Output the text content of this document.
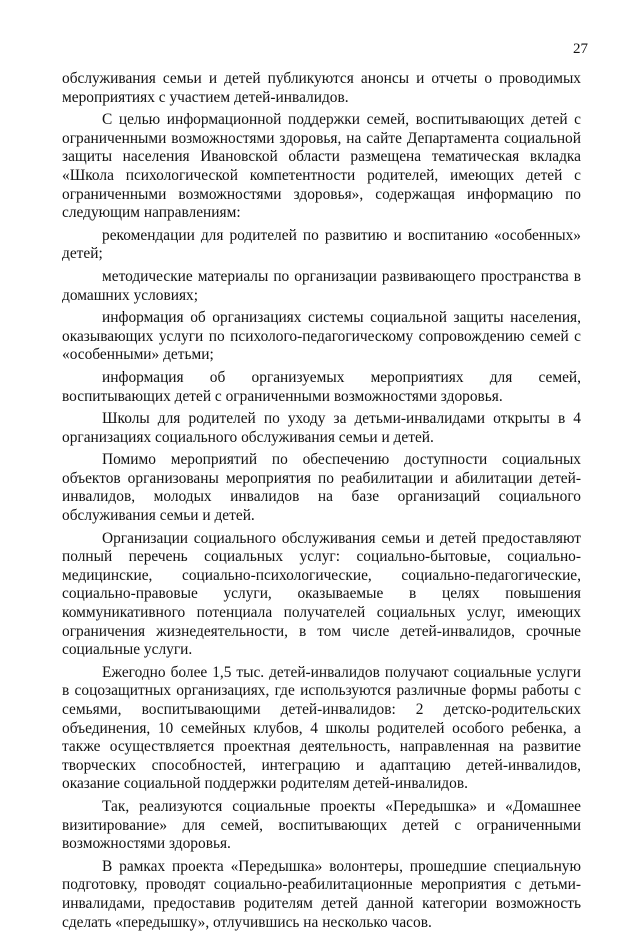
27

обслуживания семьи и детей публикуются анонсы и отчеты о проводимых мероприятиях с участием детей-инвалидов.

С целью информационной поддержки семей, воспитывающих детей с ограниченными возможностями здоровья, на сайте Департамента социальной защиты населения Ивановской области размещена тематическая вкладка «Школа психологической компетентности родителей, имеющих детей с ограниченными возможностями здоровья», содержащая информацию по следующим направлениям:

рекомендации для родителей по развитию и воспитанию «особенных» детей;

методические материалы по организации развивающего пространства в домашних условиях;

информация об организациях системы социальной защиты населения, оказывающих услуги по психолого-педагогическому сопровождению семей с «особенными» детьми;

информация об организуемых мероприятиях для семей, воспитывающих детей с ограниченными возможностями здоровья.

Школы для родителей по уходу за детьми-инвалидами открыты в 4 организациях социального обслуживания семьи и детей.

Помимо мероприятий по обеспечению доступности социальных объектов организованы мероприятия по реабилитации и абилитации детей-инвалидов, молодых инвалидов на базе организаций социального обслуживания семьи и детей.

Организации социального обслуживания семьи и детей предоставляют полный перечень социальных услуг: социально-бытовые, социально-медицинские, социально-психологические, социально-педагогические, социально-правовые услуги, оказываемые в целях повышения коммуникативного потенциала получателей социальных услуг, имеющих ограничения жизнедеятельности, в том числе детей-инвалидов, срочные социальные услуги.

Ежегодно более 1,5 тыс. детей-инвалидов получают социальные услуги в соцозащитных организациях, где используются различные формы работы с семьями, воспитывающими детей-инвалидов: 2 детско-родительских объединения, 10 семейных клубов, 4 школы родителей особого ребенка, а также осуществляется проектная деятельность, направленная на развитие творческих способностей, интеграцию и адаптацию детей-инвалидов, оказание социальной поддержки родителям детей-инвалидов.

Так, реализуются социальные проекты «Передышка» и «Домашнее визитирование» для семей, воспитывающих детей с ограниченными возможностями здоровья.

В рамках проекта «Передышка» волонтеры, прошедшие специальную подготовку, проводят социально-реабилитационные мероприятия с детьми-инвалидами, предоставив родителям детей данной категории возможность сделать «передышку», отлучившись на несколько часов.
